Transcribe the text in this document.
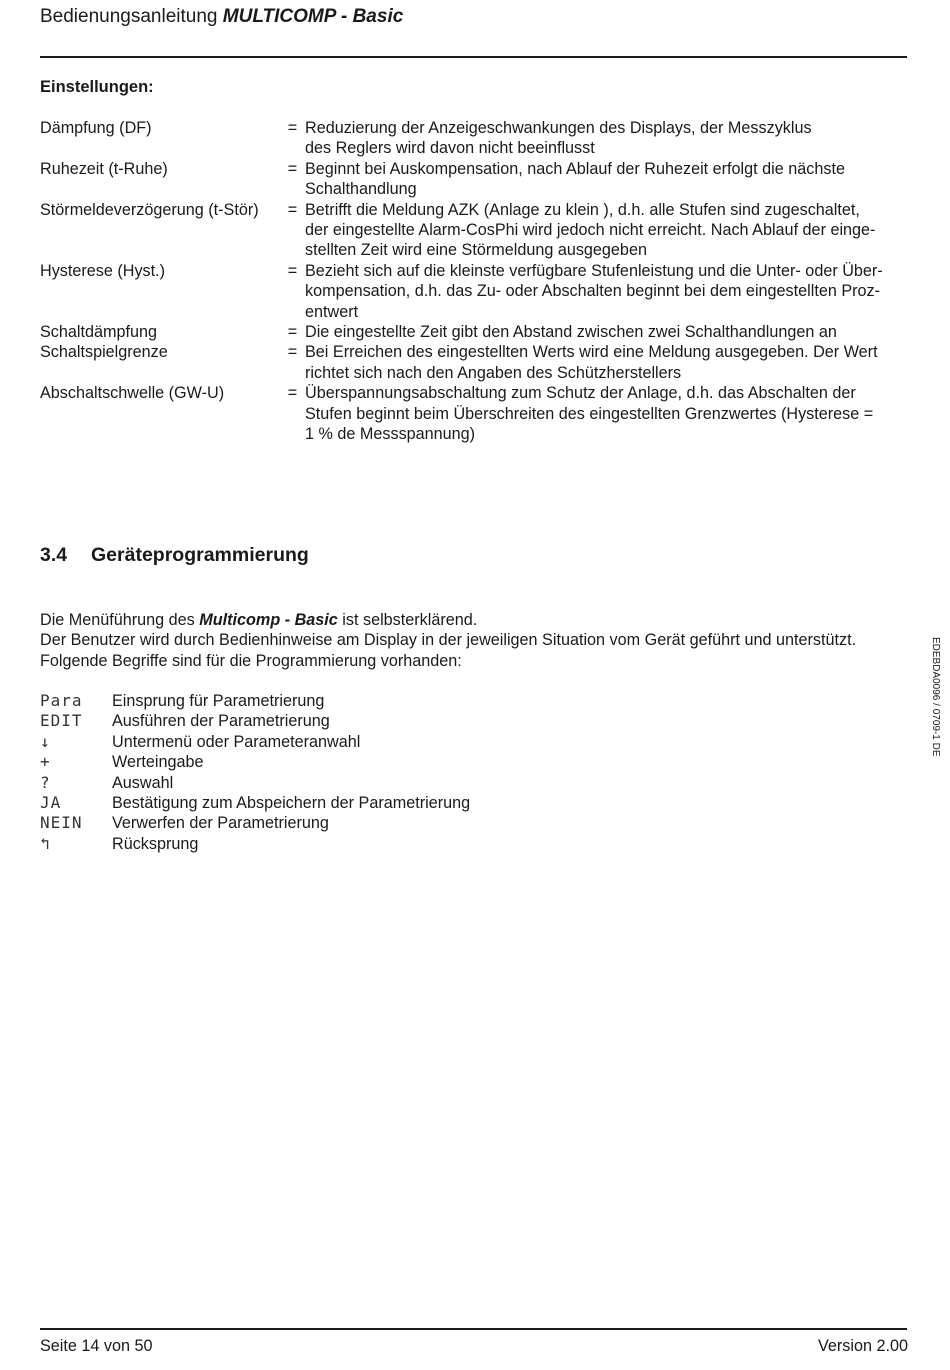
Bedienungsanleitung MULTICOMP - Basic
Einstellungen:
Dämpfung (DF)	= Reduzierung der Anzeigeschwankungen des Displays, der Messzyklus
des Reglers wird davon nicht beeinflusst
Ruhezeit (t-Ruhe)	= Beginnt bei Auskompensation, nach Ablauf der Ruhezeit erfolgt die nächste
Schalthandlung
Störmeldeverzögerung (t-Stör)	= Betrifft die Meldung AZK (Anlage zu klein ), d.h. alle Stufen sind zugeschaltet,
der eingestellte Alarm-CosPhi wird jedoch nicht erreicht. Nach Ablauf der einge-
stellten Zeit wird eine Störmeldung ausgegeben
Hysterese (Hyst.)	= Bezieht sich auf die kleinste verfügbare Stufenleistung und die Unter- oder Über-
kompensation, d.h. das Zu- oder Abschalten beginnt bei dem eingestellten Proz-
entwert
Schaltdämpfung	= Die eingestellte Zeit gibt den Abstand zwischen zwei Schalthandlungen an
Schaltspielgrenze	= Bei Erreichen des eingestellten Werts wird eine Meldung ausgegeben. Der Wert
richtet sich nach den Angaben des Schützherstellers
Abschaltschwelle (GW-U)	= Überspannungsabschaltung zum Schutz der Anlage, d.h. das Abschalten der
Stufen beginnt beim Überschreiten des eingestellten Grenzwertes (Hysterese =
1 % de Messspannung)
3.4 Geräteprogrammierung
Die Menüführung des Multicomp - Basic ist selbsterklärend.
Der Benutzer wird durch Bedienhinweise am Display in der jeweiligen Situation vom Gerät geführt und unterstützt.
Folgende Begriffe sind für die Programmierung vorhanden:
Para	Einsprung für Parametrierung
EDIT	Ausführen der Parametrierung
↓	Untermenü oder Parameteranwahl
+	Werteingabe
?	Auswahl
JA	Bestätigung zum Abspeichern der Parametrierung
NEIN	Verwerfen der Parametrierung
↰	Rücksprung
EDEBDA0096 / 0709-1 DE
Seite 14 von 50	Version 2.00
